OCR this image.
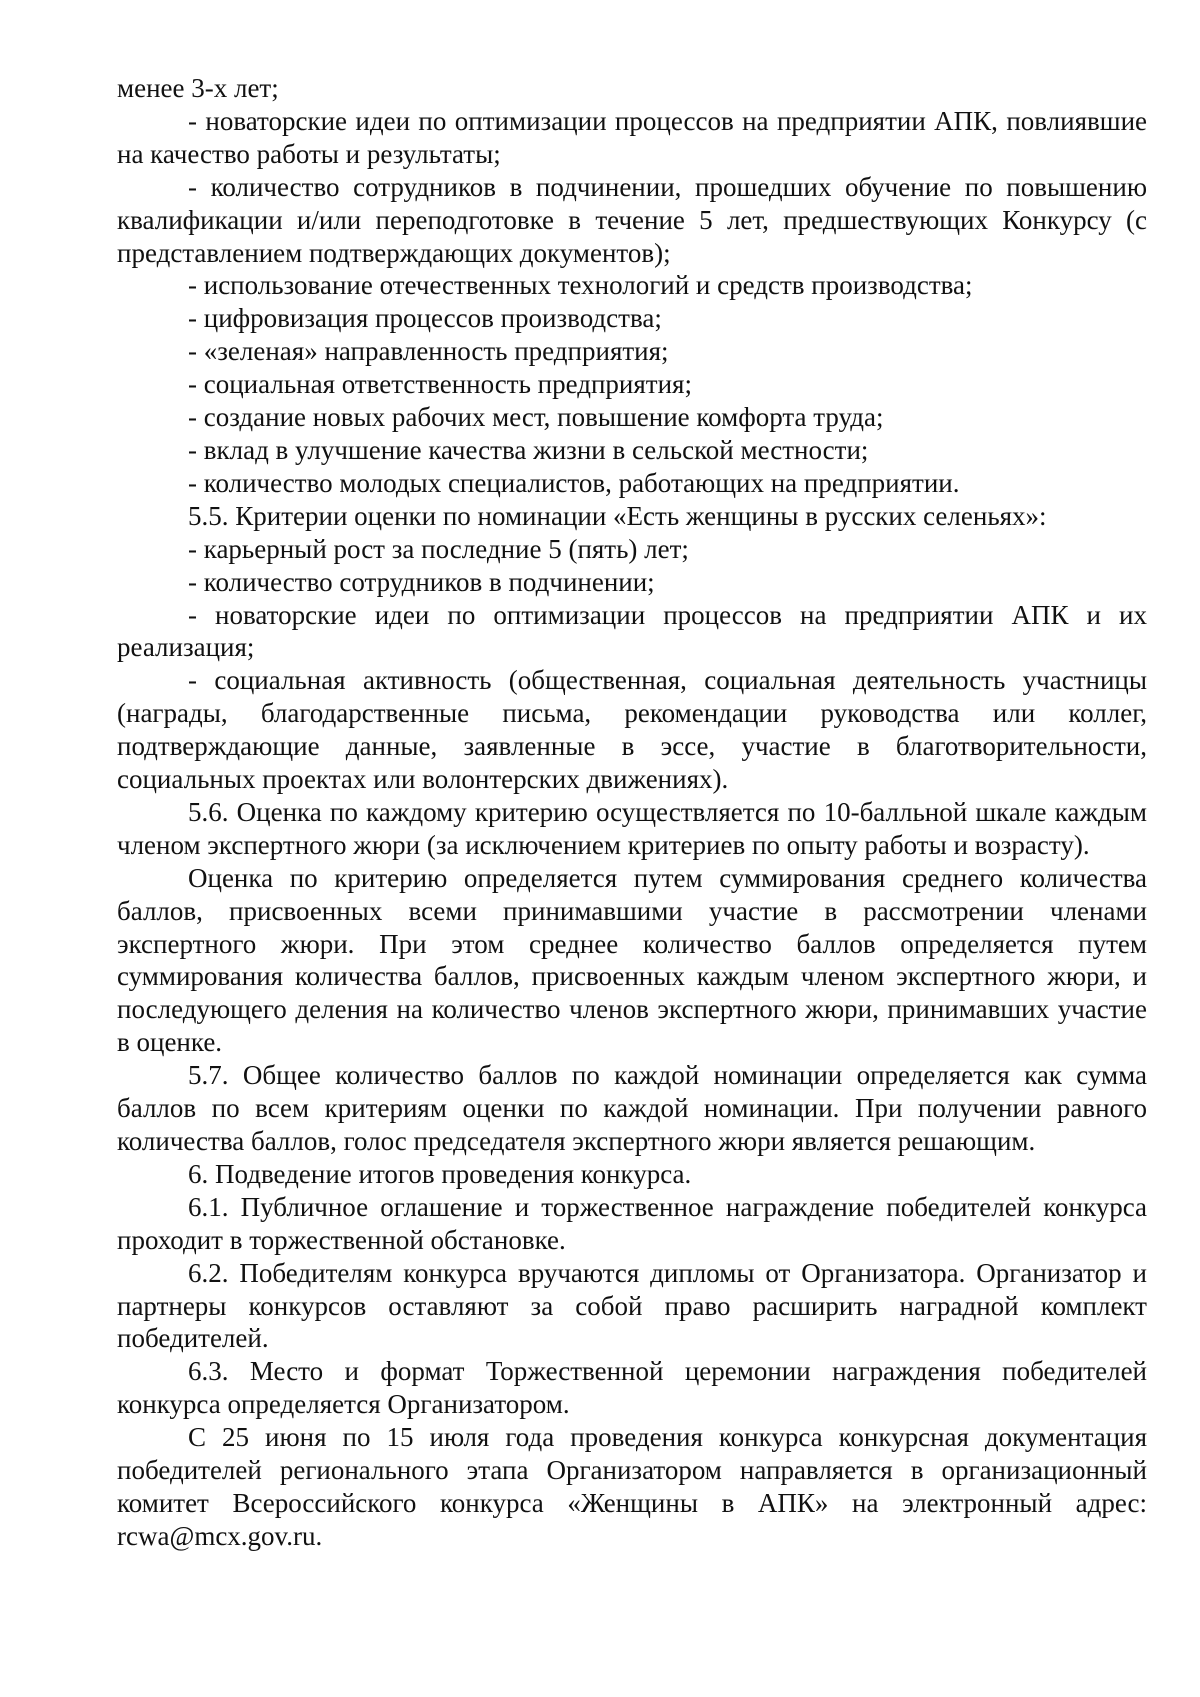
менее 3-х лет;

- новаторские идеи по оптимизации процессов на предприятии АПК, повлиявшие на качество работы и результаты;

- количество сотрудников в подчинении, прошедших обучение по повышению квалификации и/или переподготовке в течение 5 лет, предшествующих Конкурсу (с представлением подтверждающих документов);

- использование отечественных технологий и средств производства;

- цифровизация процессов производства;

- «зеленая» направленность предприятия;

- социальная ответственность предприятия;

- создание новых рабочих мест, повышение комфорта труда;

- вклад в улучшение качества жизни в сельской местности;

- количество молодых специалистов, работающих на предприятии.

5.5. Критерии оценки по номинации «Есть женщины в русских селеньях»:

- карьерный рост за последние 5 (пять) лет;

- количество сотрудников в подчинении;

- новаторские идеи по оптимизации процессов на предприятии АПК и их реализация;

- социальная активность (общественная, социальная деятельность участницы (награды, благодарственные письма, рекомендации руководства или коллег, подтверждающие данные, заявленные в эссе, участие в благотворительности, социальных проектах или волонтерских движениях).

5.6. Оценка по каждому критерию осуществляется по 10-балльной шкале каждым членом экспертного жюри (за исключением критериев по опыту работы и возрасту).

Оценка по критерию определяется путем суммирования среднего количества баллов, присвоенных всеми принимавшими участие в рассмотрении членами экспертного жюри. При этом среднее количество баллов определяется путем суммирования количества баллов, присвоенных каждым членом экспертного жюри, и последующего деления на количество членов экспертного жюри, принимавших участие в оценке.

5.7. Общее количество баллов по каждой номинации определяется как сумма баллов по всем критериям оценки по каждой номинации. При получении равного количества баллов, голос председателя экспертного жюри является решающим.

6. Подведение итогов проведения конкурса.

6.1. Публичное оглашение и торжественное награждение победителей конкурса проходит в торжественной обстановке.

6.2. Победителям конкурса вручаются дипломы от Организатора. Организатор и партнеры конкурсов оставляют за собой право расширить наградной комплект победителей.

6.3. Место и формат Торжественной церемонии награждения победителей конкурса определяется Организатором.

С 25 июня по 15 июля года проведения конкурса конкурсная документация победителей регионального этапа Организатором направляется в организационный комитет Всероссийского конкурса «Женщины в АПК» на электронный адрес: rcwa@mcx.gov.ru.
